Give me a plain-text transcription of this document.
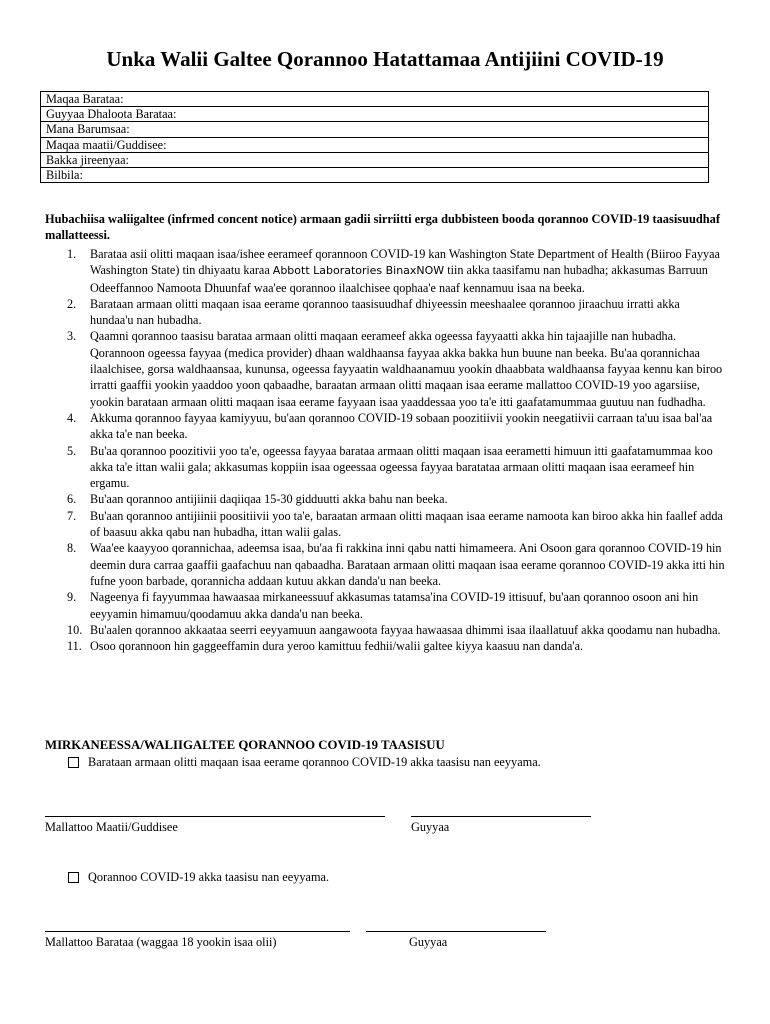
Unka Walii Galtee Qorannoo Hatattamaa Antijiini COVID-19
Maqaa Barataa:
Guyyaa Dhaloota Barataa:
Mana Barumsaa:
Maqaa maatii/Guddisee:
Bakka jireenyaa:
Bilbila:
Hubachiisa waliigaltee (infrmed concent notice) armaan gadii sirriitti erga dubbisteen booda qorannoo COVID-19 taasisuudhaf mallatteessi.
1. Barataa asii olitti maqaan isaa/ishee eerameef qorannoon COVID-19 kan Washington State Department of Health (Biiroo Fayyaa Washington State) tin dhiyaatu karaa Abbott Laboratories BinaxNOW tiin akka taasifamu nan hubadha; akkasumas Barruun Odeeffannoo Namoota Dhuunfaf waa'ee qorannoo ilaalchisee qophaa'e naaf kennamuu isaa na beeka.
2. Barataan armaan olitti maqaan isaa eerame qorannoo taasisuudhaf dhiyeessin meeshaalee qorannoo jiraachuu irratti akka hundaa'u nan hubadha.
3. Qaamni qorannoo taasisu barataa armaan olitti maqaan eerameef akka ogeessa fayyaatti akka hin tajaajille nan hubadha. Qorannoon ogeessa fayyaa (medica provider) dhaan waldhaansa fayyaa akka bakka hun buune nan beeka. Bu'aa qorannichaa ilaalchisee, gorsa waldhaansaa, kununsa, ogeessa fayyaatin waldhaanamuu yookin dhaabbata waldhaansa fayyaa kennu kan biroo irratti gaaffii yookin yaaddoo yoon qabaadhe, baraatan armaan olitti maqaan isaa eerame mallattoo COVID-19 yoo agarsiise, yookin barataan armaan olitti maqaan isaa eerame fayyaan isaa yaaddessaa yoo ta'e itti gaafatamummaa guutuu nan fudhadha.
4. Akkuma qorannoo fayyaa kamiyyuu, bu'aan qorannoo COVID-19 sobaan poozitiivii yookin neegatiivii carraan ta'uu isaa bal'aa akka ta'e nan beeka.
5. Bu'aa qorannoo poozitivii yoo ta'e, ogeessa fayyaa barataa armaan olitti maqaan isaa eerametti himuun itti gaafatamummaa koo akka ta'e ittan walii gala; akkasumas koppiin isaa ogeessaa ogeessa fayyaa baratataa armaan olitti maqaan isaa eerameef hin ergamu.
6. Bu'aan qorannoo antijiinii daqiiqaa 15-30 gidduutti akka bahu nan beeka.
7. Bu'aan qorannoo antijiinii poositiivii yoo ta'e, baraatan armaan olitti maqaan isaa eerame namoota kan biroo akka hin faallef adda of baasuu akka qabu nan hubadha, ittan walii galas.
8. Waa'ee kaayyoo qorannichaa, adeemsa isaa, bu'aa fi rakkina inni qabu natti himameera. Ani Osoon gara qorannoo COVID-19 hin deemin dura carraa gaaffii gaafachuu nan qabaadha. Barataan armaan olitti maqaan isaa eerame qorannoo COVID-19 akka itti hin fufne yoon barbade, qorannicha addaan kutuu akkan danda'u nan beeka.
9. Nageenya fi fayyummaa hawaasaa mirkaneessuuf akkasumas tatamsa'ina COVID-19 ittisuuf, bu'aan qorannoo osoon ani hin eeyyamin himamuu/qoodamuu akka danda'u nan beeka.
10. Bu'aalen qorannoo akkaataa seerri eeyyamuun aangawoota fayyaa hawaasaa dhimmi isaa ilaallatuuf akka qoodamu nan hubadha.
11. Osoo qorannoon hin gaggeeffamin dura yeroo kamittuu fedhii/walii galtee kiyya kaasuu nan danda'a.
MIRKANEESSA/WALIIGALTEE QORANNOO COVID-19 TAASISUU
Barataan armaan olitti maqaan isaa eerame qorannoo COVID-19 akka taasisu nan eeyyama.
Mallattoo Maatii/Guddisee	Guyyaa
Qorannoo COVID-19 akka taasisu nan eeyyama.
Mallattoo Barataa (waggaa 18 yookin isaa olii)	Guyyaa
